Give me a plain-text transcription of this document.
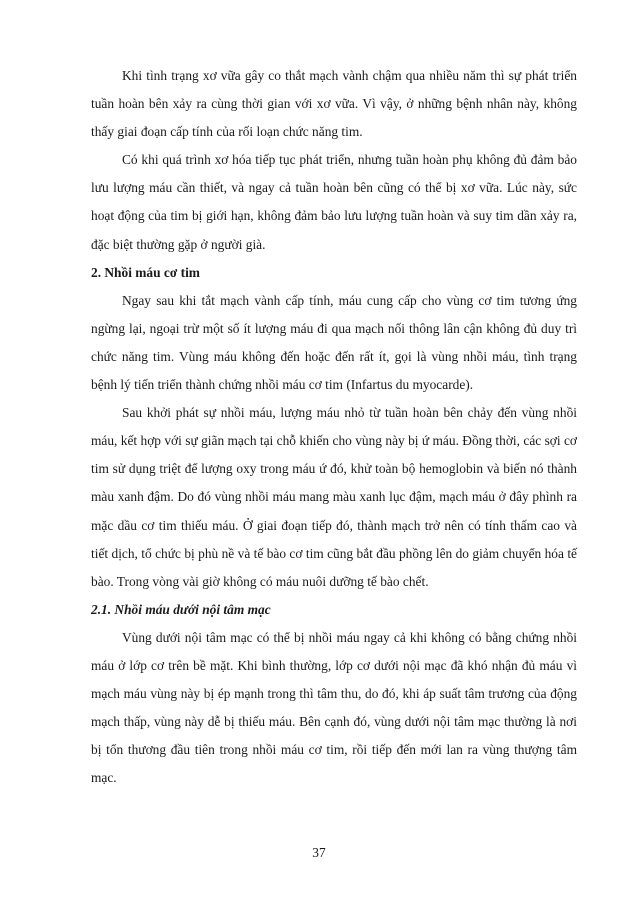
Khi tình trạng xơ vữa gây co thắt mạch vành chậm qua nhiều năm thì sự phát triển tuần hoàn bên xảy ra cùng thời gian với xơ vữa. Vì vậy, ở những bệnh nhân này, không thấy giai đoạn cấp tính của rối loạn chức năng tim.

Có khi quá trình xơ hóa tiếp tục phát triển, nhưng tuần hoàn phụ không đủ đảm bảo lưu lượng máu cần thiết, và ngay cả tuần hoàn bên cũng có thể bị xơ vữa. Lúc này, sức hoạt động của tim bị giới hạn, không đảm bảo lưu lượng tuần hoàn và suy tim dần xảy ra, đặc biệt thường gặp ở người già.

2. Nhồi máu cơ tim

Ngay sau khi tắt mạch vành cấp tính, máu cung cấp cho vùng cơ tim tương ứng ngừng lại, ngoại trừ một số ít lượng máu đi qua mạch nối thông lân cận không đủ duy trì chức năng tim. Vùng máu không đến hoặc đến rất ít, gọi là vùng nhồi máu, tình trạng bệnh lý tiến triển thành chứng nhồi máu cơ tim (Infartus du myocarde).

Sau khởi phát sự nhồi máu, lượng máu nhỏ từ tuần hoàn bên chảy đến vùng nhồi máu, kết hợp với sự giãn mạch tại chỗ khiến cho vùng này bị ứ máu. Đồng thời, các sợi cơ tim sử dụng triệt để lượng oxy trong máu ứ đó, khử toàn bộ hemoglobin và biến nó thành màu xanh đậm. Do đó vùng nhồi máu mang màu xanh lục đậm, mạch máu ở đây phình ra mặc dầu cơ tim thiếu máu. Ở giai đoạn tiếp đó, thành mạch trở nên có tính thấm cao và tiết dịch, tổ chức bị phù nề và tế bào cơ tim cũng bắt đầu phồng lên do giảm chuyển hóa tế bào. Trong vòng vài giờ không có máu nuôi dưỡng tế bào chết.

2.1. Nhồi máu dưới nội tâm mạc

Vùng dưới nội tâm mạc có thể bị nhồi máu ngay cả khi không có bằng chứng nhồi máu ở lớp cơ trên bề mặt. Khi bình thường, lớp cơ dưới nội mạc đã khó nhận đủ máu vì mạch máu vùng này bị ép mạnh trong thì tâm thu, do đó, khi áp suất tâm trương của động mạch thấp, vùng này dễ bị thiếu máu. Bên cạnh đó, vùng dưới nội tâm mạc thường là nơi bị tổn thương đầu tiên trong nhồi máu cơ tim, rồi tiếp đến mới lan ra vùng thượng tâm mạc.

37
